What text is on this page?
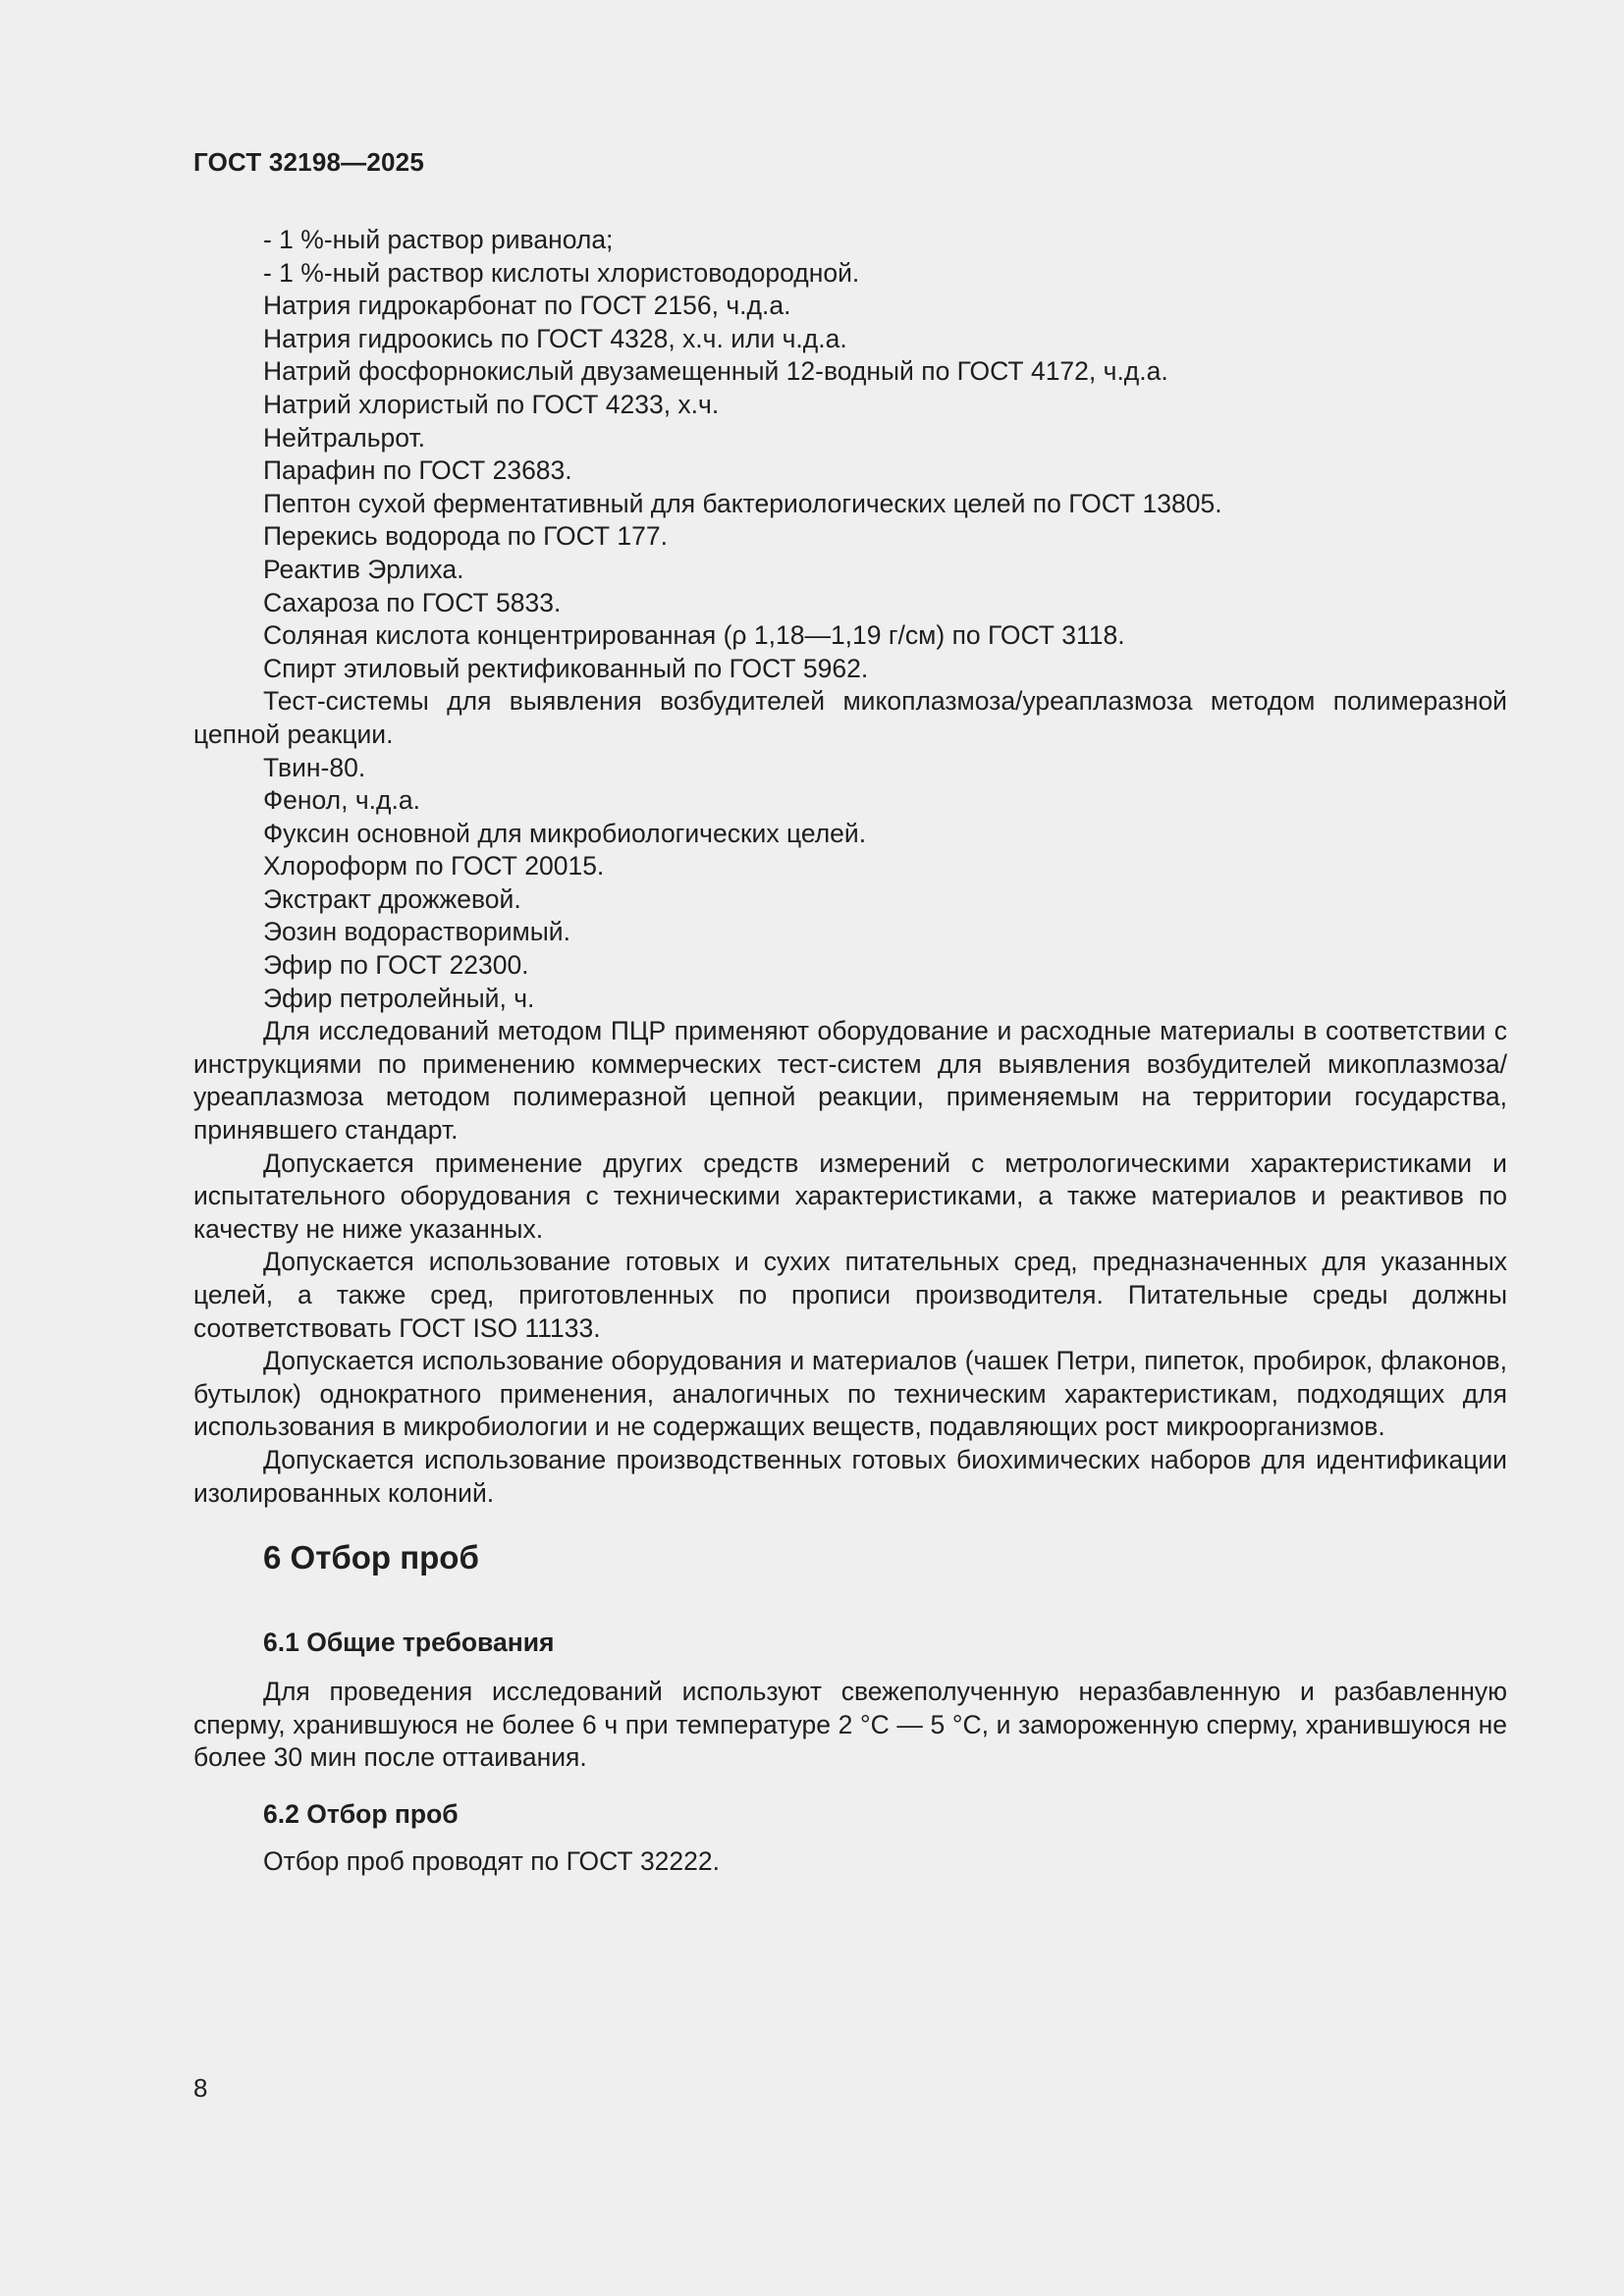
ГОСТ 32198—2025

- 1 %-ный раствор риванола;

- 1 %-ный раствор кислоты хлористоводородной.

Натрия гидрокарбонат по ГОСТ 2156, ч.д.а.

Натрия гидроокись по ГОСТ 4328, х.ч. или ч.д.а.

Натрий фосфорнокислый двузамещенный 12-водный по ГОСТ 4172, ч.д.а.

Натрий хлористый по ГОСТ 4233, х.ч.

Нейтральрот.

Парафин по ГОСТ 23683.

Пептон сухой ферментативный для бактериологических целей по ГОСТ 13805.

Перекись водорода по ГОСТ 177.

Реактив Эрлиха.

Сахароза по ГОСТ 5833.

Соляная кислота концентрированная (ρ 1,18—1,19 г/см) по ГОСТ 3118.

Спирт этиловый ректификованный по ГОСТ 5962.

Тест-системы для выявления возбудителей микоплазмоза/уреаплазмоза методом полимеразной цепной реакции.

Твин-80.

Фенол, ч.д.а.

Фуксин основной для микробиологических целей.

Хлороформ по ГОСТ 20015.

Экстракт дрожжевой.

Эозин водорастворимый.

Эфир по ГОСТ 22300.

Эфир петролейный, ч.

Для исследований методом ПЦР применяют оборудование и расходные материалы в соответствии с инструкциями по применению коммерческих тест-систем для выявления возбудителей микоплазмоза/уреаплазмоза методом полимеразной цепной реакции, применяемым на территории государства, принявшего стандарт.

Допускается применение других средств измерений с метрологическими характеристиками и испытательного оборудования с техническими характеристиками, а также материалов и реактивов по качеству не ниже указанных.

Допускается использование готовых и сухих питательных сред, предназначенных для указанных целей, а также сред, приготовленных по прописи производителя. Питательные среды должны соответствовать ГОСТ ISO 11133.

Допускается использование оборудования и материалов (чашек Петри, пипеток, пробирок, флаконов, бутылок) однократного применения, аналогичных по техническим характеристикам, подходящих для использования в микробиологии и не содержащих веществ, подавляющих рост микроорганизмов.

Допускается использование производственных готовых биохимических наборов для идентификации изолированных колоний.

6 Отбор проб
6.1 Общие требования

Для проведения исследований используют свежеполученную неразбавленную и разбавленную сперму, хранившуюся не более 6 ч при температуре 2 °С — 5 °С, и замороженную сперму, хранившуюся не более 30 мин после оттаивания.

6.2 Отбор проб

Отбор проб проводят по ГОСТ 32222.

8
